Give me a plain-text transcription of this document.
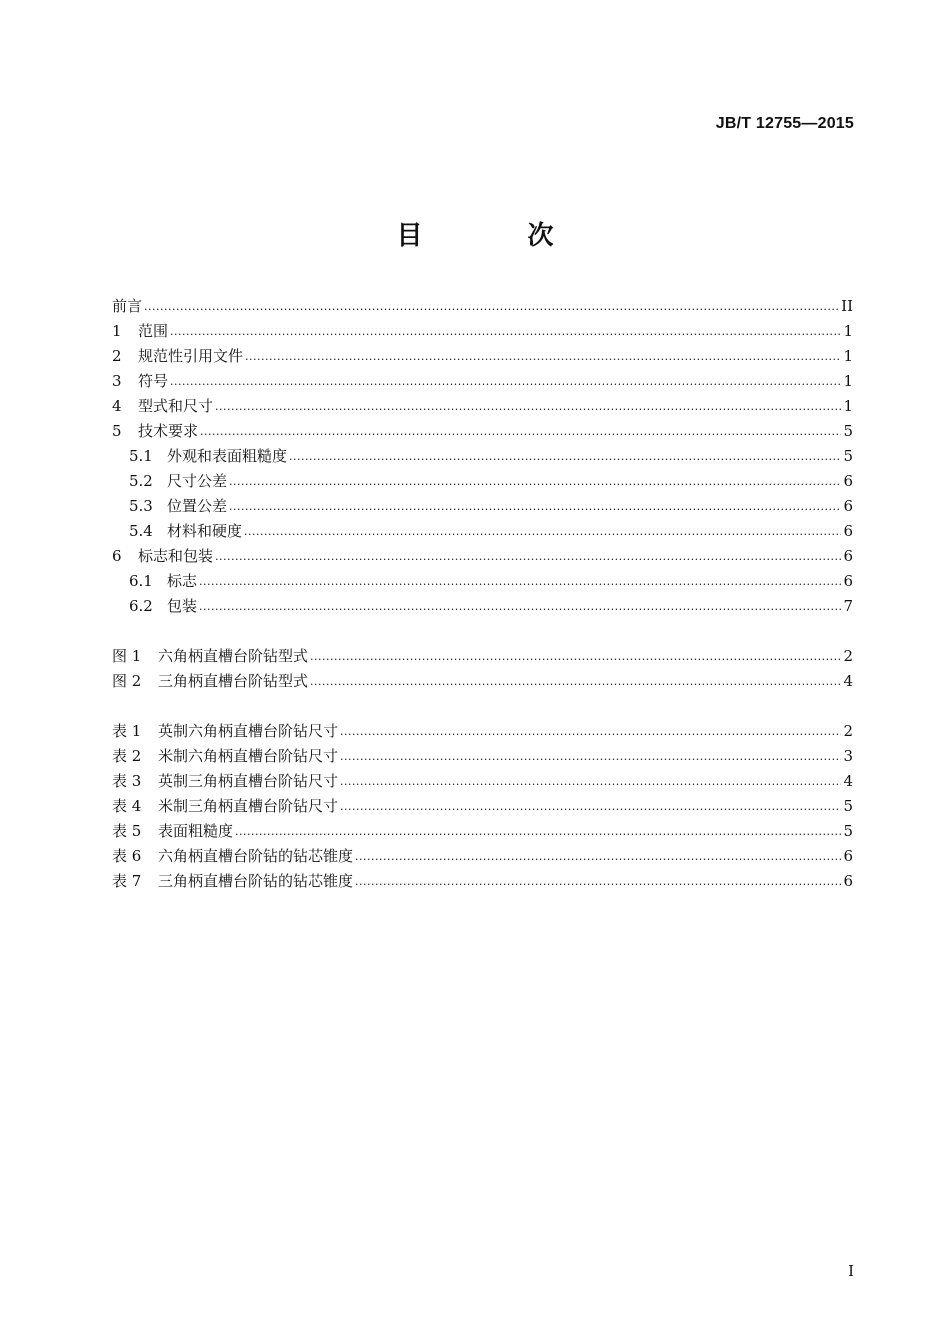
JB/T 12755—2015
目 次
前言 .....	II
1	范围 .....	1
2	规范性引用文件 .....	1
3	符号 .....	1
4	型式和尺寸 .....	1
5	技术要求 .....	5
5.1 外观和表面粗糙度 .....	5
5.2 尺寸公差 .....	6
5.3 位置公差 .....	6
5.4 材料和硬度 .....	6
6	标志和包装 .....	6
6.1 标志 .....	6
6.2 包装 .....	7
图 1	六角柄直槽台阶钻型式 .....	2
图 2	三角柄直槽台阶钻型式 .....	4
表 1	英制六角柄直槽台阶钻尺寸 .....	2
表 2	米制六角柄直槽台阶钻尺寸 .....	3
表 3	英制三角柄直槽台阶钻尺寸 .....	4
表 4	米制三角柄直槽台阶钻尺寸 .....	5
表 5	表面粗糙度 .....	5
表 6	六角柄直槽台阶钻的钻芯锥度 .....	6
表 7	三角柄直槽台阶钻的钻芯锥度 .....	6
I
